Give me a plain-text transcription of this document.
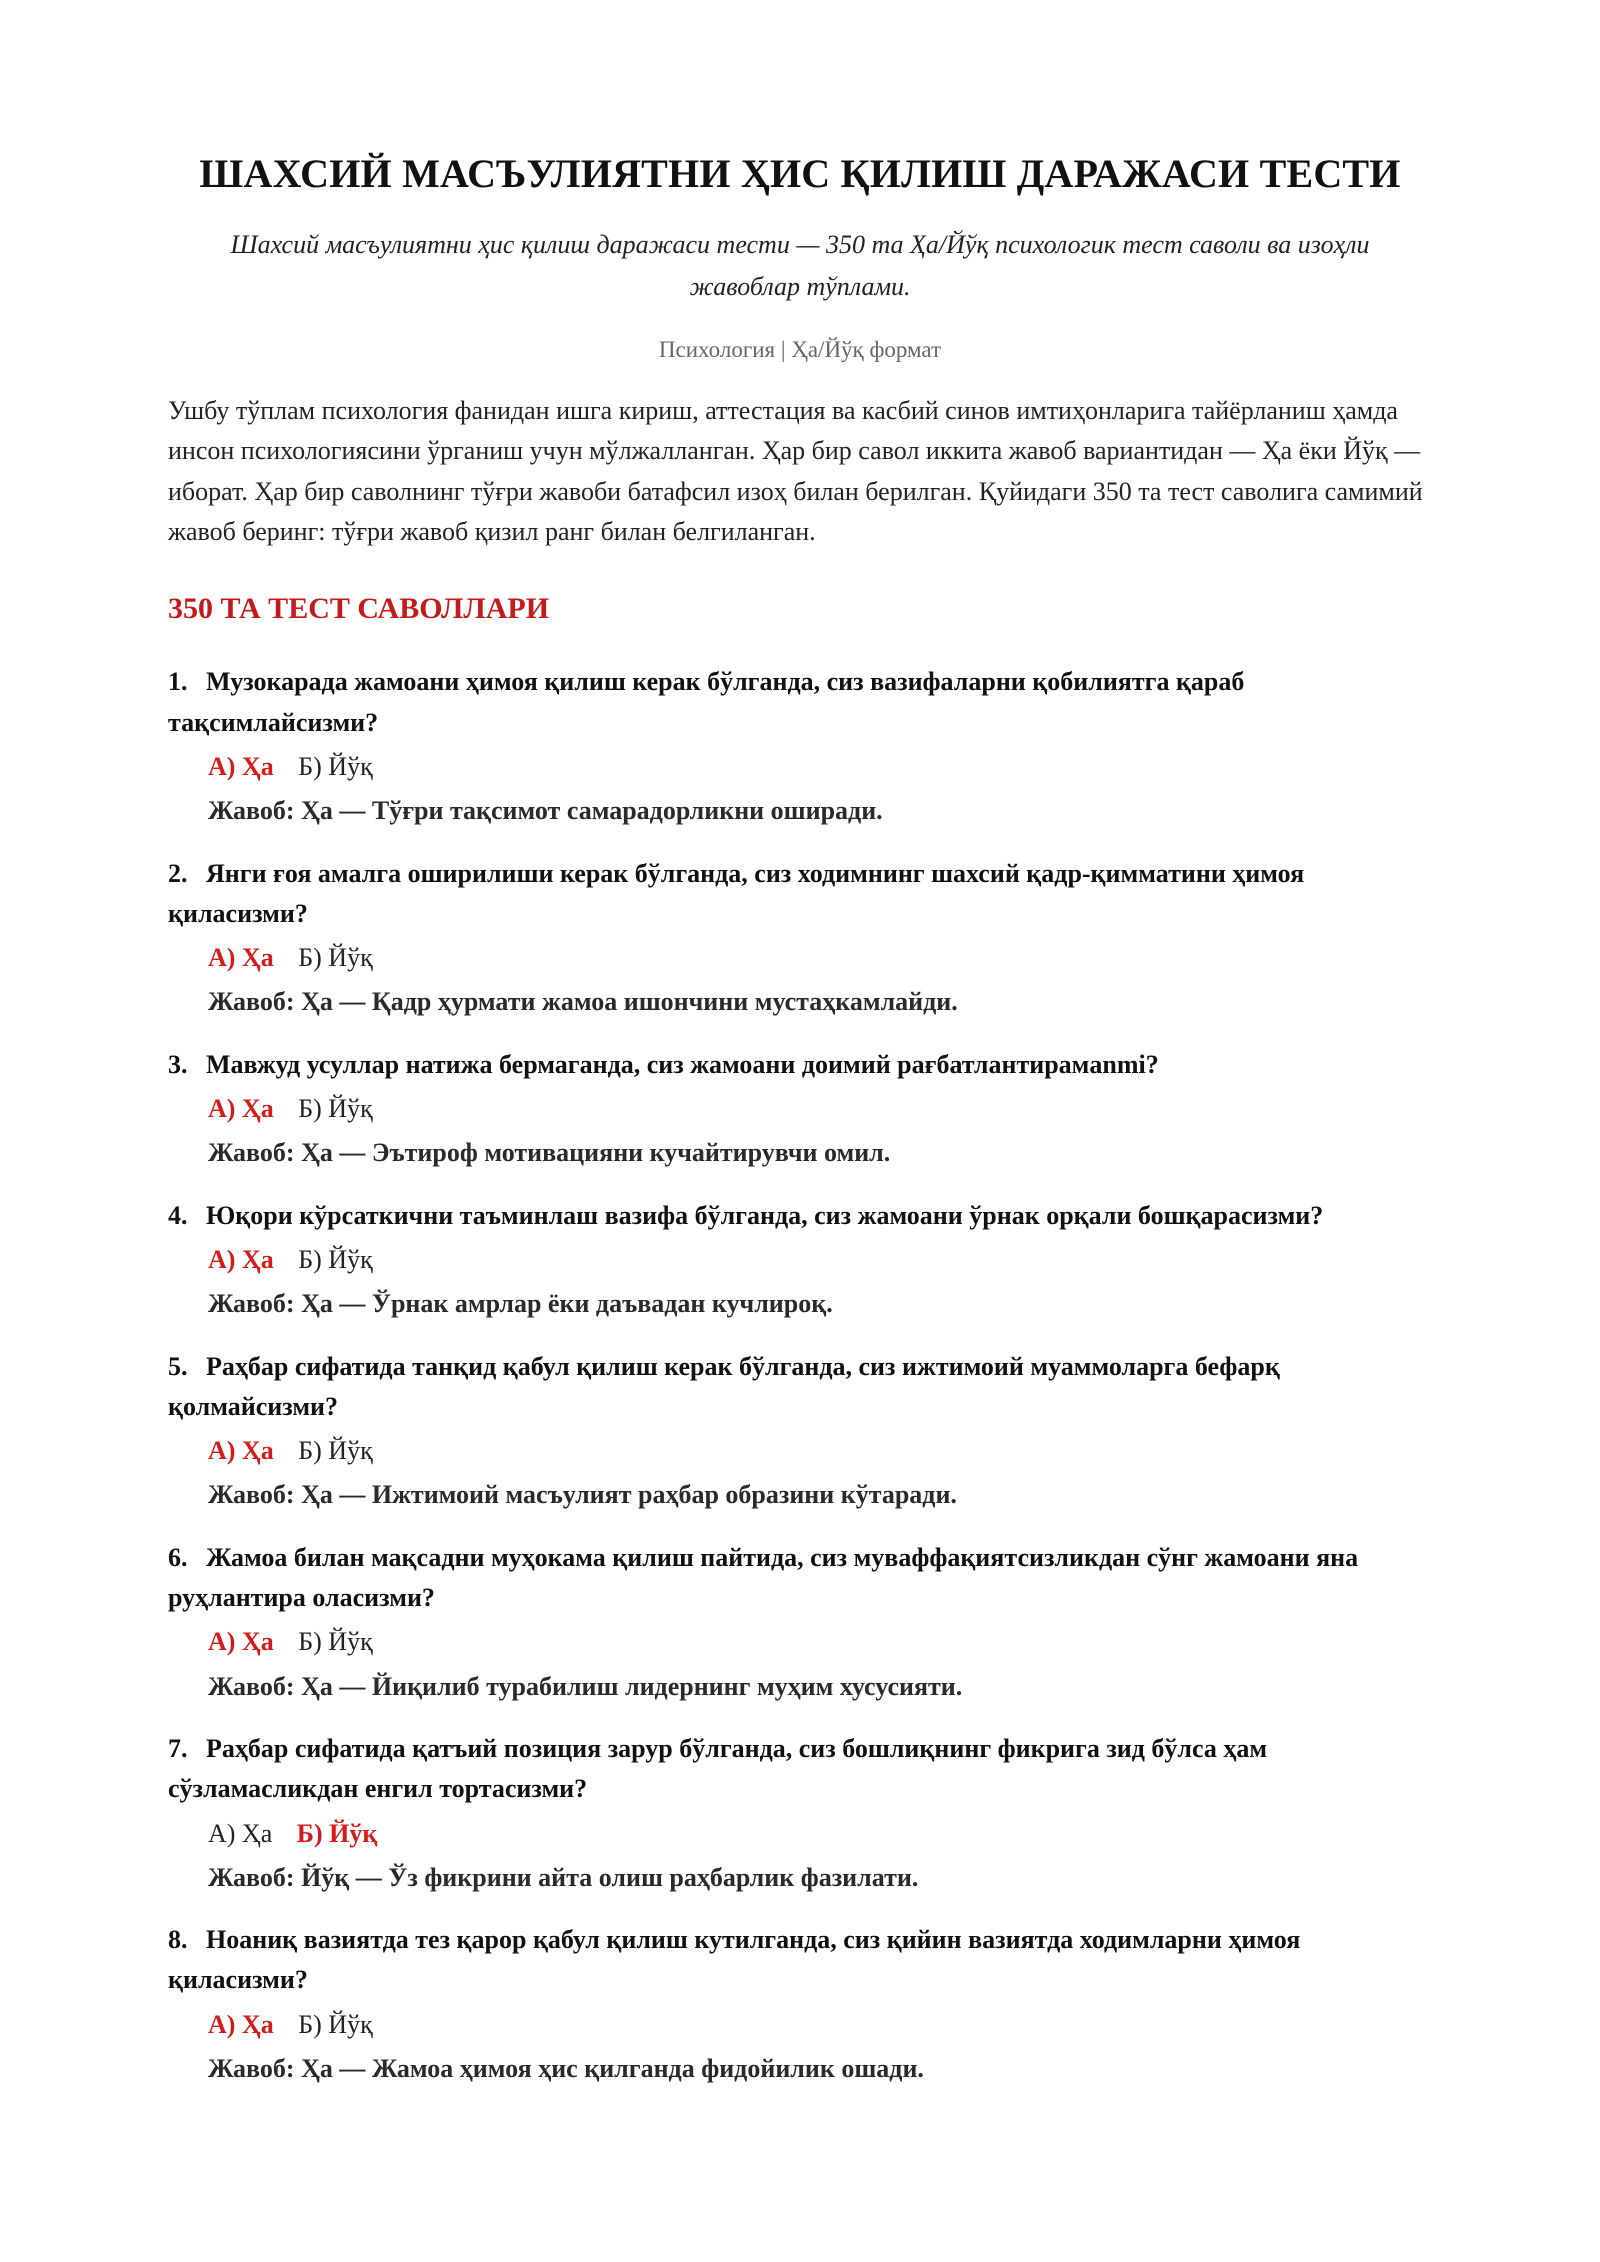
ШАХСИЙ МАСЪУЛИЯТНИ ҲИС ҚИЛИШ ДАРАЖАСИ ТЕСТИ
Шахсий масъулиятни ҳис қилиш даражаси тести — 350 та Ҳа/Йўқ психологик тест саволи ва изоҳли жавоблар тўплами.
Психология | Ҳа/Йўқ формат

Ушбу тўплам психология фанидан ишга кириш, аттестация ва касбий синов имтиҳонларига тайёрланиш ҳамда инсон психологиясини ўрганиш учун мўлжалланган. Ҳар бир савол иккита жавоб вариантидан — Ҳа ёки Йўқ — иборат. Ҳар бир саволнинг тўғри жавоби батафсил изоҳ билан берилган. Қуйидаги 350 та тест саволига самимий жавоб беринг: тўғри жавоб қизил ранг билан белгиланган.

350 ТА ТЕСТ САВОЛЛАРИ
1. Музокарада жамоани ҳимоя қилиш керак бўлганда, сиз вазифаларни қобилиятга қараб тақсимлайсизми?
А) Ҳа Б) Йўқ
Жавоб: Ҳа — Тўғри тақсимот самарадорликни оширади.
2. Янги ғоя амалга оширилиши керак бўлганда, сиз ходимнинг шахсий қадр-қимматини ҳимоя қиласизми?
А) Ҳа Б) Йўқ
Жавоб: Ҳа — Қадр ҳурмати жамоа ишончини мустаҳкамлайди.
3. Мавжуд усуллар натижа бермаганда, сиз жамоани доимий рағбатлантирамanmi?
А) Ҳа Б) Йўқ
Жавоб: Ҳа — Эътироф мотивацияни кучайтирувчи омил.
4. Юқори кўрсаткични таъминлаш вазифа бўлганда, сиз жамоани ўрнак орқали бошқарасизми?
А) Ҳа Б) Йўқ
Жавоб: Ҳа — Ўрнак амрлар ёки даъвадан кучлироқ.
5. Раҳбар сифатида танқид қабул қилиш керак бўлганда, сиз ижтимоий муаммоларга бефарқ қолмайсизми?
А) Ҳа Б) Йўқ
Жавоб: Ҳа — Ижтимоий масъулият раҳбар образини кўтаради.
6. Жамоа билан мақсадни муҳокама қилиш пайтида, сиз муваффақиятсизликдан сўнг жамоани яна руҳлантира оласизми?
А) Ҳа Б) Йўқ
Жавоб: Ҳа — Йиқилиб турабилиш лидернинг муҳим хусусияти.
7. Раҳбар сифатида қатъий позиция зарур бўлганда, сиз бошлиқнинг фикрига зид бўлса ҳам сўзламасликдан енгил тортасизми?
А) Ҳа Б) Йўқ
Жавоб: Йўқ — Ўз фикрини айта олиш раҳбарлик фазилати.
8. Ноаниқ вазиятда тез қарор қабул қилиш кутилганда, сиз қийин вазиятда ходимларни ҳимоя қиласизми?
А) Ҳа Б) Йўқ
Жавоб: Ҳа — Жамоа ҳимоя ҳис қилганда фидойилик ошади.
